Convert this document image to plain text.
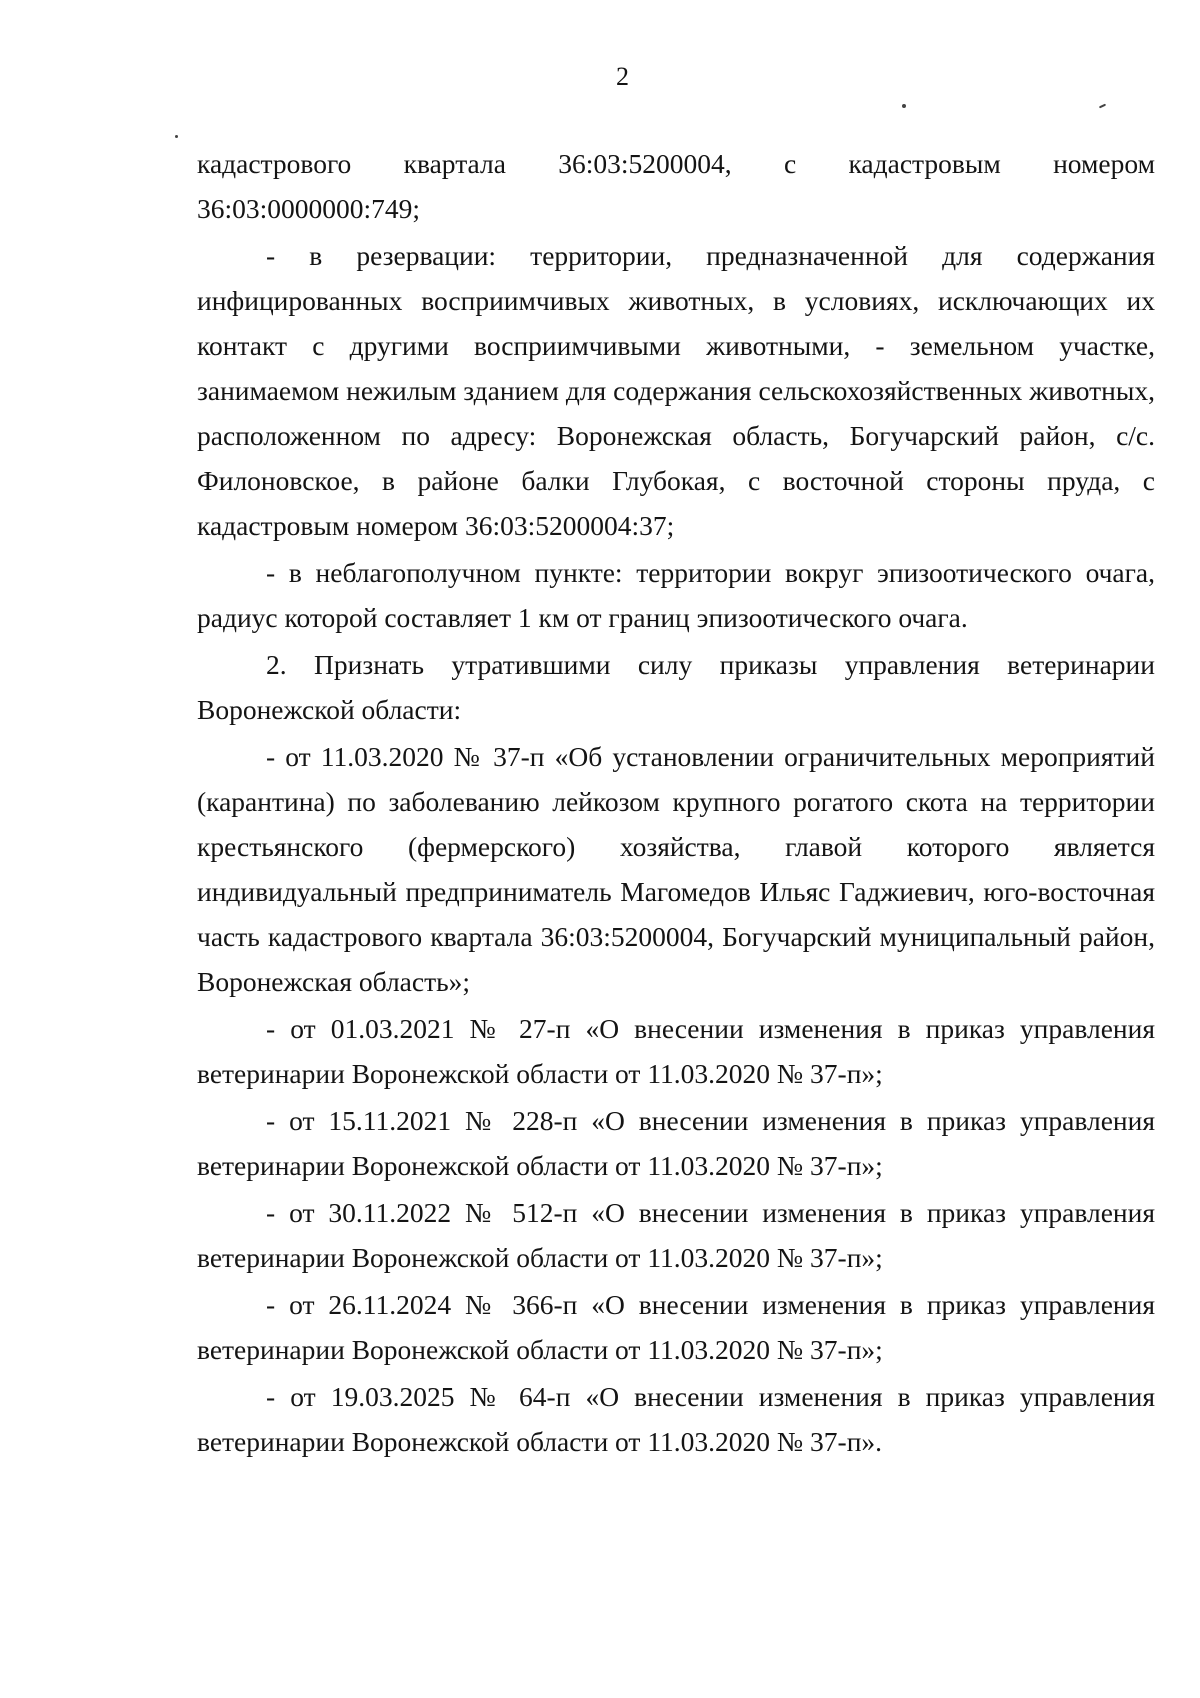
2

кадастрового квартала 36:03:5200004, с кадастровым номером 36:03:0000000:749;

- в резервации: территории, предназначенной для содержания инфицированных восприимчивых животных, в условиях, исключающих их контакт с другими восприимчивыми животными, - земельном участке, занимаемом нежилым зданием для содержания сельскохозяйственных животных, расположенном по адресу: Воронежская область, Богучарский район, с/с. Филоновское, в районе балки Глубокая, с восточной стороны пруда, с кадастровым номером 36:03:5200004:37;

- в неблагополучном пункте: территории вокруг эпизоотического очага, радиус которой составляет 1 км от границ эпизоотического очага.

2. Признать утратившими силу приказы управления ветеринарии Воронежской области:

- от 11.03.2020 № 37-п «Об установлении ограничительных мероприятий (карантина) по заболеванию лейкозом крупного рогатого скота на территории крестьянского (фермерского) хозяйства, главой которого является индивидуальный предприниматель Магомедов Ильяс Гаджиевич, юго-восточная часть кадастрового квартала 36:03:5200004, Богучарский муниципальный район, Воронежская область»;

- от 01.03.2021 № 27-п «О внесении изменения в приказ управления ветеринарии Воронежской области от 11.03.2020 № 37-п»;

- от 15.11.2021 № 228-п «О внесении изменения в приказ управления ветеринарии Воронежской области от 11.03.2020 № 37-п»;

- от 30.11.2022 № 512-п «О внесении изменения в приказ управления ветеринарии Воронежской области от 11.03.2020 № 37-п»;

- от 26.11.2024 № 366-п «О внесении изменения в приказ управления ветеринарии Воронежской области от 11.03.2020 № 37-п»;

- от 19.03.2025 № 64-п «О внесении изменения в приказ управления ветеринарии Воронежской области от 11.03.2020 № 37-п».
